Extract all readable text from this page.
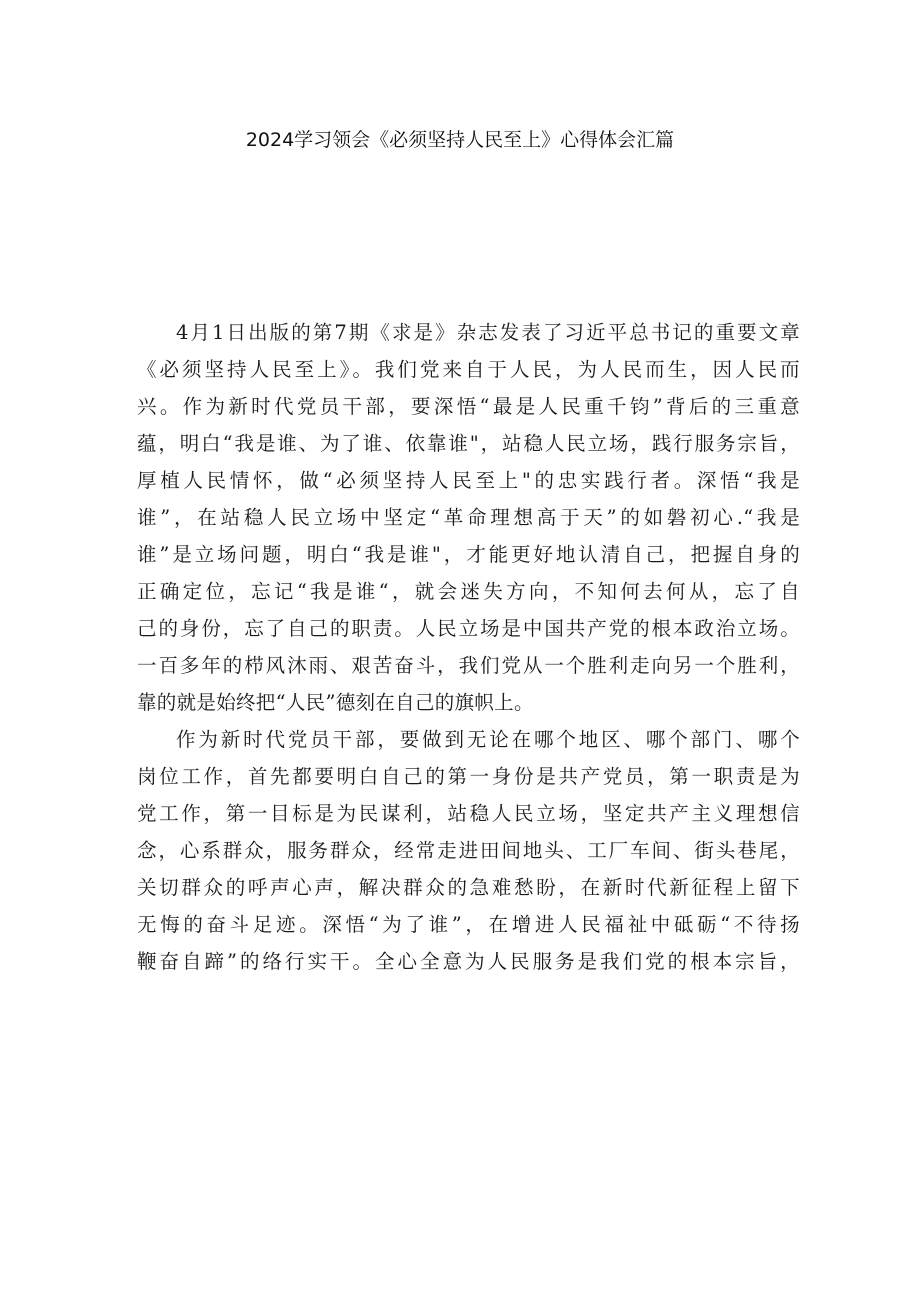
2024学习领会《必须坚持人民至上》心得体会汇篇
4月1日出版的第7期《求是》杂志发表了习近平总书记的重要文章
《必须坚持人民至上》。我们党来自于人民，为人民而生，因人民而
兴。作为新时代党员干部，要深悟“最是人民重千钧”背后的三重意
蕴，明白“我是谁、为了谁、依靠谁"，站稳人民立场，践行服务宗旨，
厚植人民情怀，做“必须坚持人民至上"的忠实践行者。深悟“我是
谁”，在站稳人民立场中坚定“革命理想高于天”的如磐初心.“我是
谁”是立场问题，明白“我是谁"，才能更好地认清自己，把握自身的
正确定位，忘记“我是谁“，就会迷失方向，不知何去何从，忘了自
己的身份，忘了自己的职责。人民立场是中国共产党的根本政治立场。
一百多年的栉风沐雨、艰苦奋斗，我们党从一个胜利走向另一个胜利，
靠的就是始终把“人民”德刻在自己的旗帜上。
作为新时代党员干部，要做到无论在哪个地区、哪个部门、哪个
岗位工作，首先都要明白自己的第一身份是共产党员，第一职责是为
党工作，第一目标是为民谋利，站稳人民立场，坚定共产主义理想信
念，心系群众，服务群众，经常走进田间地头、工厂车间、街头巷尾，
关切群众的呼声心声，解决群众的急难愁盼，在新时代新征程上留下
无悔的奋斗足迹。深悟“为了谁”，在增进人民福祉中砥砺“不待扬
鞭奋自蹄”的络行实干。全心全意为人民服务是我们党的根本宗旨，
